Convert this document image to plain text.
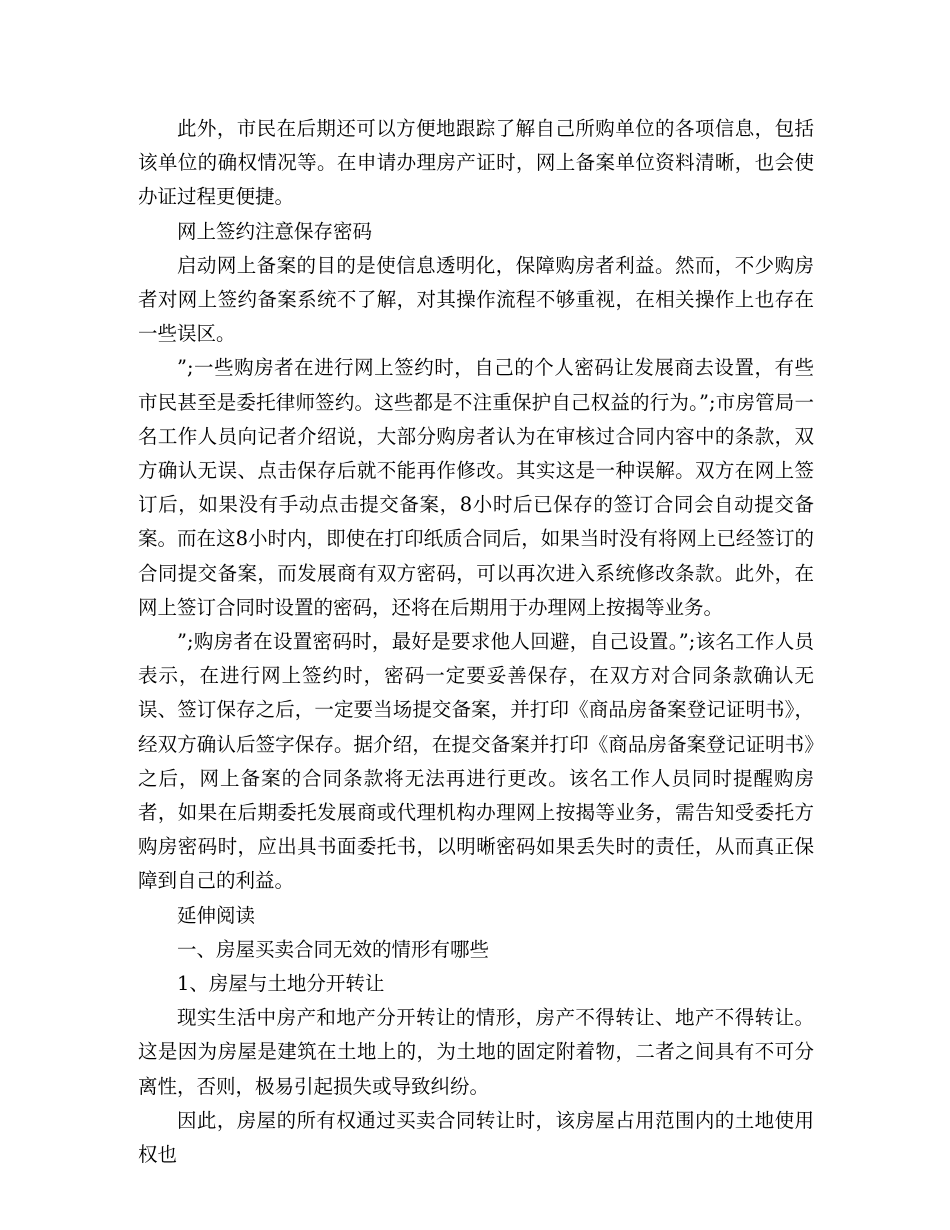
此外，市民在后期还可以方便地跟踪了解自己所购单位的各项信息，包括该单位的确权情况等。在申请办理房产证时，网上备案单位资料清晰，也会使办证过程更便捷。

网上签约注意保存密码

启动网上备案的目的是使信息透明化，保障购房者利益。然而，不少购房者对网上签约备案系统不了解，对其操作流程不够重视，在相关操作上也存在一些误区。

”;一些购房者在进行网上签约时，自己的个人密码让发展商去设置，有些市民甚至是委托律师签约。这些都是不注重保护自己权益的行为。”;市房管局一名工作人员向记者介绍说，大部分购房者认为在审核过合同内容中的条款，双方确认无误、点击保存后就不能再作修改。其实这是一种误解。双方在网上签订后，如果没有手动点击提交备案，8小时后已保存的签订合同会自动提交备案。而在这8小时内，即使在打印纸质合同后，如果当时没有将网上已经签订的合同提交备案，而发展商有双方密码，可以再次进入系统修改条款。此外，在网上签订合同时设置的密码，还将在后期用于办理网上按揭等业务。

”;购房者在设置密码时，最好是要求他人回避，自己设置。”;该名工作人员表示，在进行网上签约时，密码一定要妥善保存，在双方对合同条款确认无误、签订保存之后，一定要当场提交备案，并打印《商品房备案登记证明书》，经双方确认后签字保存。据介绍，在提交备案并打印《商品房备案登记证明书》之后，网上备案的合同条款将无法再进行更改。该名工作人员同时提醒购房者，如果在后期委托发展商或代理机构办理网上按揭等业务，需告知受委托方购房密码时，应出具书面委托书，以明晰密码如果丢失时的责任，从而真正保障到自己的利益。

延伸阅读

一、房屋买卖合同无效的情形有哪些

1、房屋与土地分开转让

现实生活中房产和地产分开转让的情形，房产不得转让、地产不得转让。这是因为房屋是建筑在土地上的，为土地的固定附着物，二者之间具有不可分离性，否则，极易引起损失或导致纠纷。

因此，房屋的所有权通过买卖合同转让时，该房屋占用范围内的土地使用权也
